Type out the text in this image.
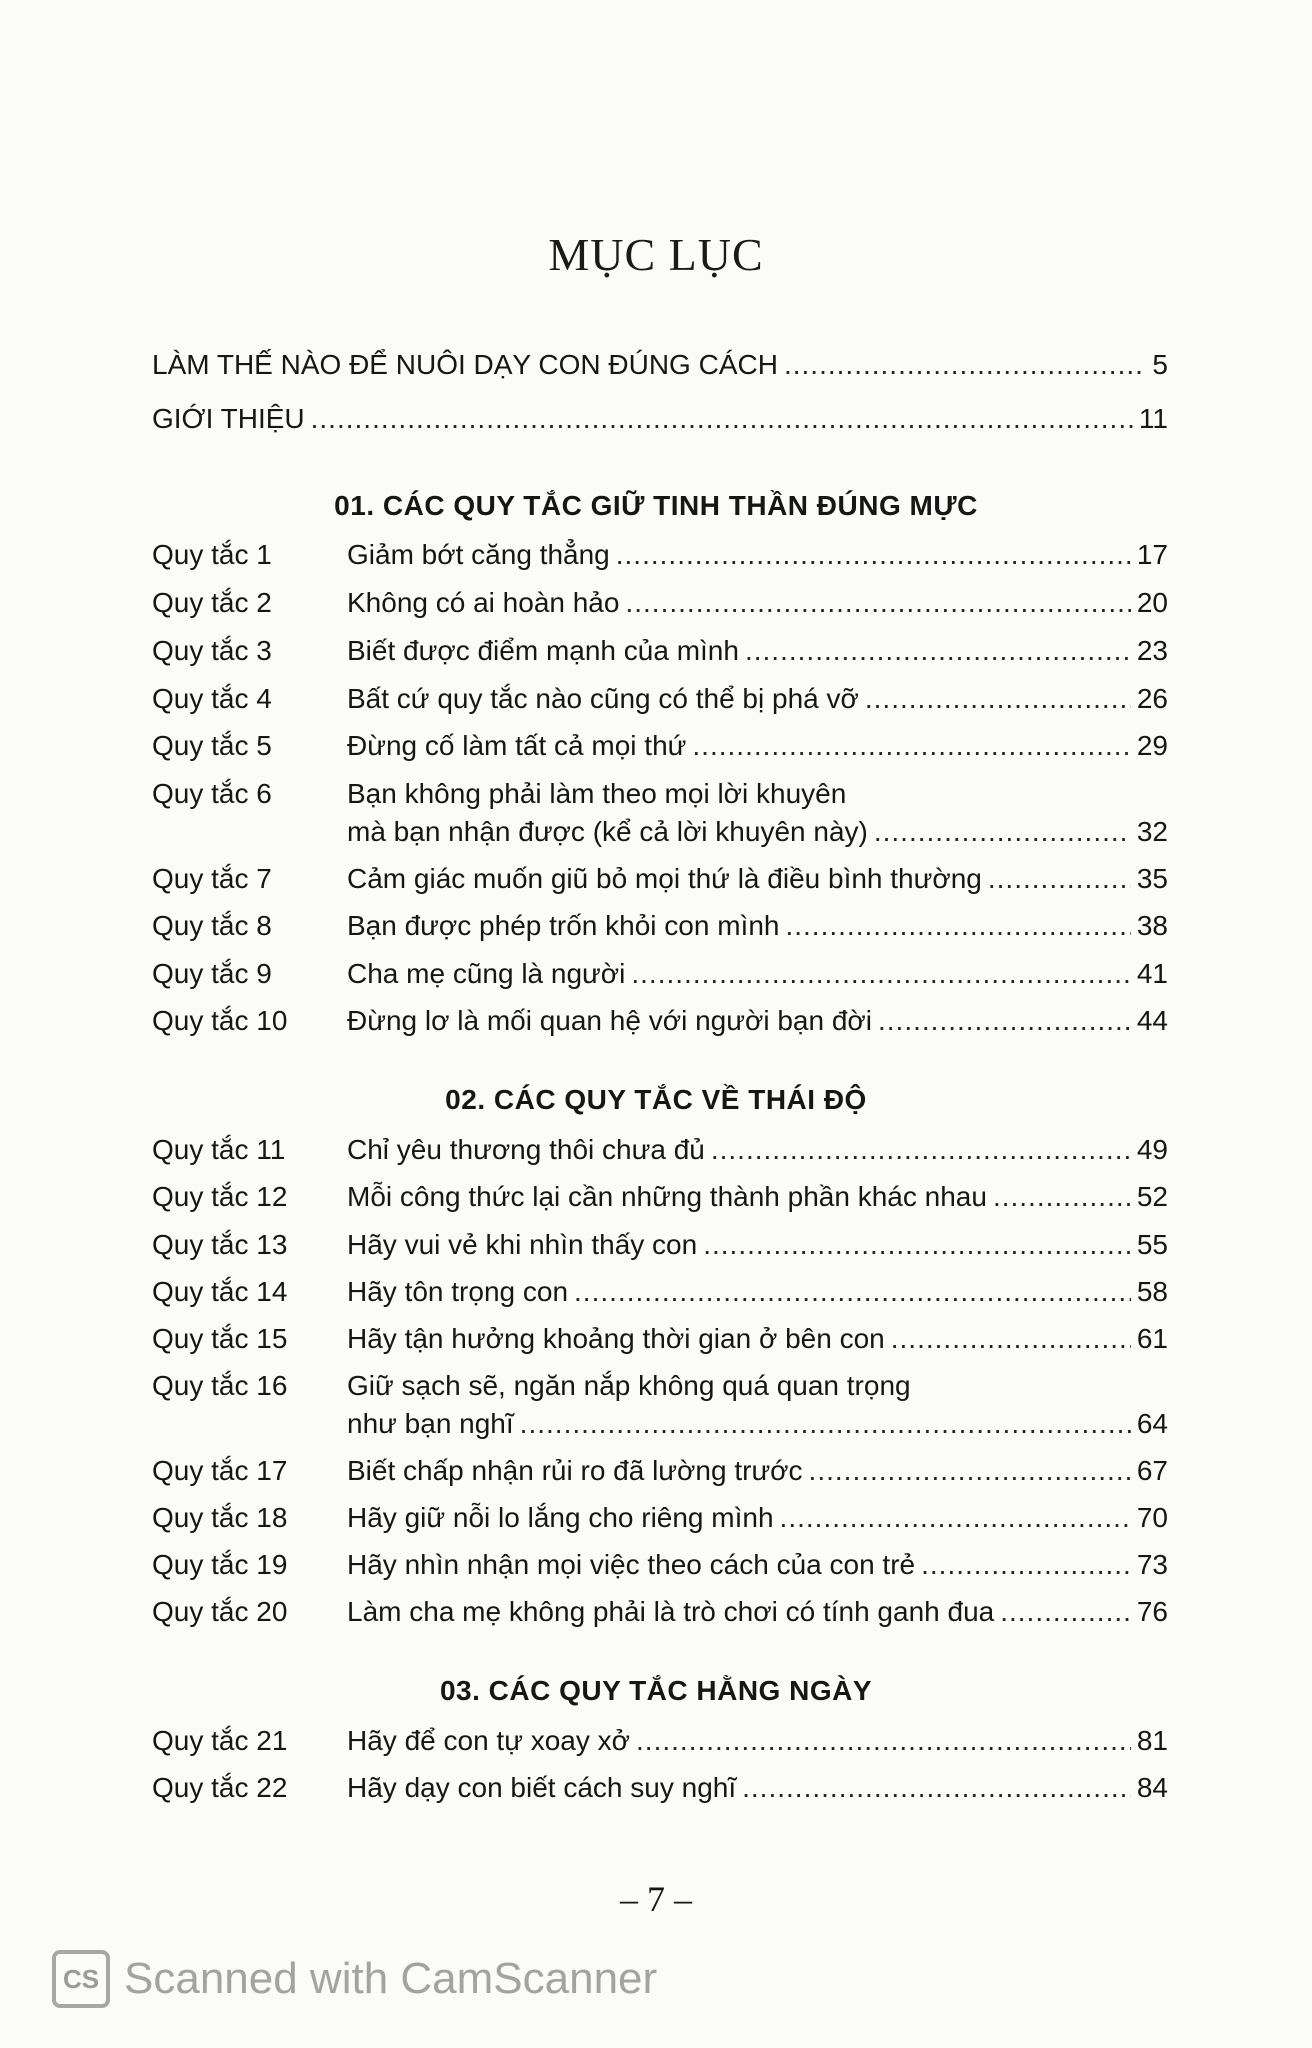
MỤC LỤC
LÀM THẾ NÀO ĐỂ NUÔI DẠY CON ĐÚNG CÁCH .....	5
GIỚI THIỆU .....	11
01. CÁC QUY TẮC GIỮ TINH THẦN ĐÚNG MỰC
Quy tắc 1	Giảm bớt căng thẳng .....	17
Quy tắc 2	Không có ai hoàn hảo .....	20
Quy tắc 3	Biết được điểm mạnh của mình .....	23
Quy tắc 4	Bất cứ quy tắc nào cũng có thể bị phá vỡ .....	26
Quy tắc 5	Đừng cố làm tất cả mọi thứ .....	29
Quy tắc 6	Bạn không phải làm theo mọi lời khuyên
mà bạn nhận được (kể cả lời khuyên này) .....	32
Quy tắc 7	Cảm giác muốn giũ bỏ mọi thứ là điều bình thường .....	35
Quy tắc 8	Bạn được phép trốn khỏi con mình .....	38
Quy tắc 9	Cha mẹ cũng là người .....	41
Quy tắc 10	Đừng lơ là mối quan hệ với người bạn đời .....	44
02. CÁC QUY TẮC VỀ THÁI ĐỘ
Quy tắc 11	Chỉ yêu thương thôi chưa đủ .....	49
Quy tắc 12	Mỗi công thức lại cần những thành phần khác nhau .....	52
Quy tắc 13	Hãy vui vẻ khi nhìn thấy con .....	55
Quy tắc 14	Hãy tôn trọng con .....	58
Quy tắc 15	Hãy tận hưởng khoảng thời gian ở bên con .....	61
Quy tắc 16	Giữ sạch sẽ, ngăn nắp không quá quan trọng
như bạn nghĩ .....	64
Quy tắc 17	Biết chấp nhận rủi ro đã lường trước .....	67
Quy tắc 18	Hãy giữ nỗi lo lắng cho riêng mình .....	70
Quy tắc 19	Hãy nhìn nhận mọi việc theo cách của con trẻ .....	73
Quy tắc 20	Làm cha mẹ không phải là trò chơi có tính ganh đua .....	76
03. CÁC QUY TẮC HẰNG NGÀY
Quy tắc 21	Hãy để con tự xoay xở .....	81
Quy tắc 22	Hãy dạy con biết cách suy nghĩ .....	84
– 7 –
CS Scanned with CamScanner
